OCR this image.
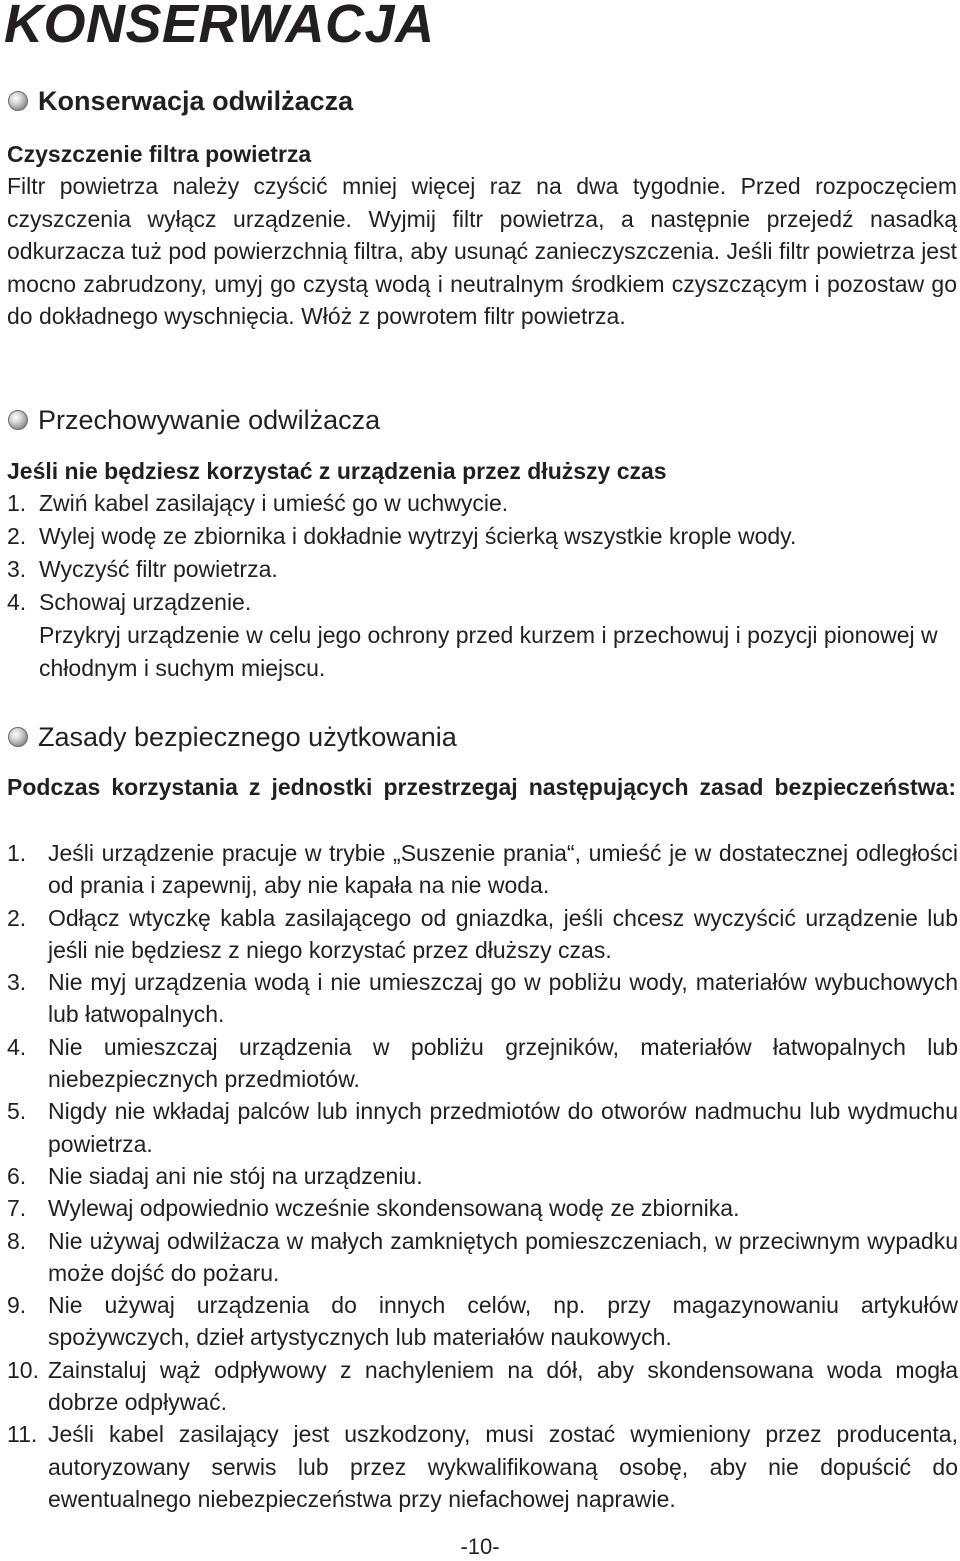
KONSERWACJA
Konserwacja odwilżacza
Czyszczenie filtra powietrza
Filtr powietrza należy czyścić mniej więcej raz na dwa tygodnie. Przed rozpoczęciem czyszczenia wyłącz urządzenie. Wyjmij filtr powietrza, a następnie przejedź nasadką odkurzacza tuż pod powierzchnią filtra, aby usunąć zanieczyszczenia. Jeśli filtr powietrza jest mocno zabrudzony, umyj go czystą wodą i neutralnym środkiem czyszczącym i pozostaw go do dokładnego wyschnięcia. Włóż z powrotem filtr powietrza.
Przechowywanie odwilżacza
Jeśli nie będziesz korzystać z urządzenia przez dłuższy czas
1. Zwiń kabel zasilający i umieść go w uchwycie.
2. Wylej wodę ze zbiornika i dokładnie wytrzyj ścierką wszystkie krople wody.
3. Wyczyść filtr powietrza.
4. Schowaj urządzenie.
Przykryj urządzenie w celu jego ochrony przed kurzem i przechowuj i pozycji pionowej w chłodnym i suchym miejscu.
Zasady bezpiecznego użytkowania
Podczas korzystania z jednostki przestrzegaj następujących zasad bezpieczeństwa:
1. Jeśli urządzenie pracuje w trybie „Suszenie prania“, umieść je w dostatecznej odległości od prania i zapewnij, aby nie kapała na nie woda.
2. Odłącz wtyczkę kabla zasilającego od gniazdka, jeśli chcesz wyczyścić urządzenie lub jeśli nie będziesz z niego korzystać przez dłuższy czas.
3. Nie myj urządzenia wodą i nie umieszczaj go w pobliżu wody, materiałów wybuchowych lub łatwopalnych.
4. Nie umieszczaj urządzenia w pobliżu grzejników, materiałów łatwopalnych lub niebezpiecznych przedmiotów.
5. Nigdy nie wkładaj palców lub innych przedmiotów do otworów nadmuchu lub wydmuchu powietrza.
6. Nie siadaj ani nie stój na urządzeniu.
7. Wylewaj odpowiednio wcześnie skondensowaną wodę ze zbiornika.
8. Nie używaj odwilżacza w małych zamkniętych pomieszczeniach, w przeciwnym wypadku może dojść do pożaru.
9. Nie używaj urządzenia do innych celów, np. przy magazynowaniu artykułów spożywczych, dzieł artystycznych lub materiałów naukowych.
10. Zainstaluj wąż odpływowy z nachyleniem na dół, aby skondensowana woda mogła dobrze odpływać.
11. Jeśli kabel zasilający jest uszkodzony, musi zostać wymieniony przez producenta, autoryzowany serwis lub przez wykwalifikowaną osobę, aby nie dopuścić do ewentualnego niebezpieczeństwa przy niefachowej naprawie.
-10-
